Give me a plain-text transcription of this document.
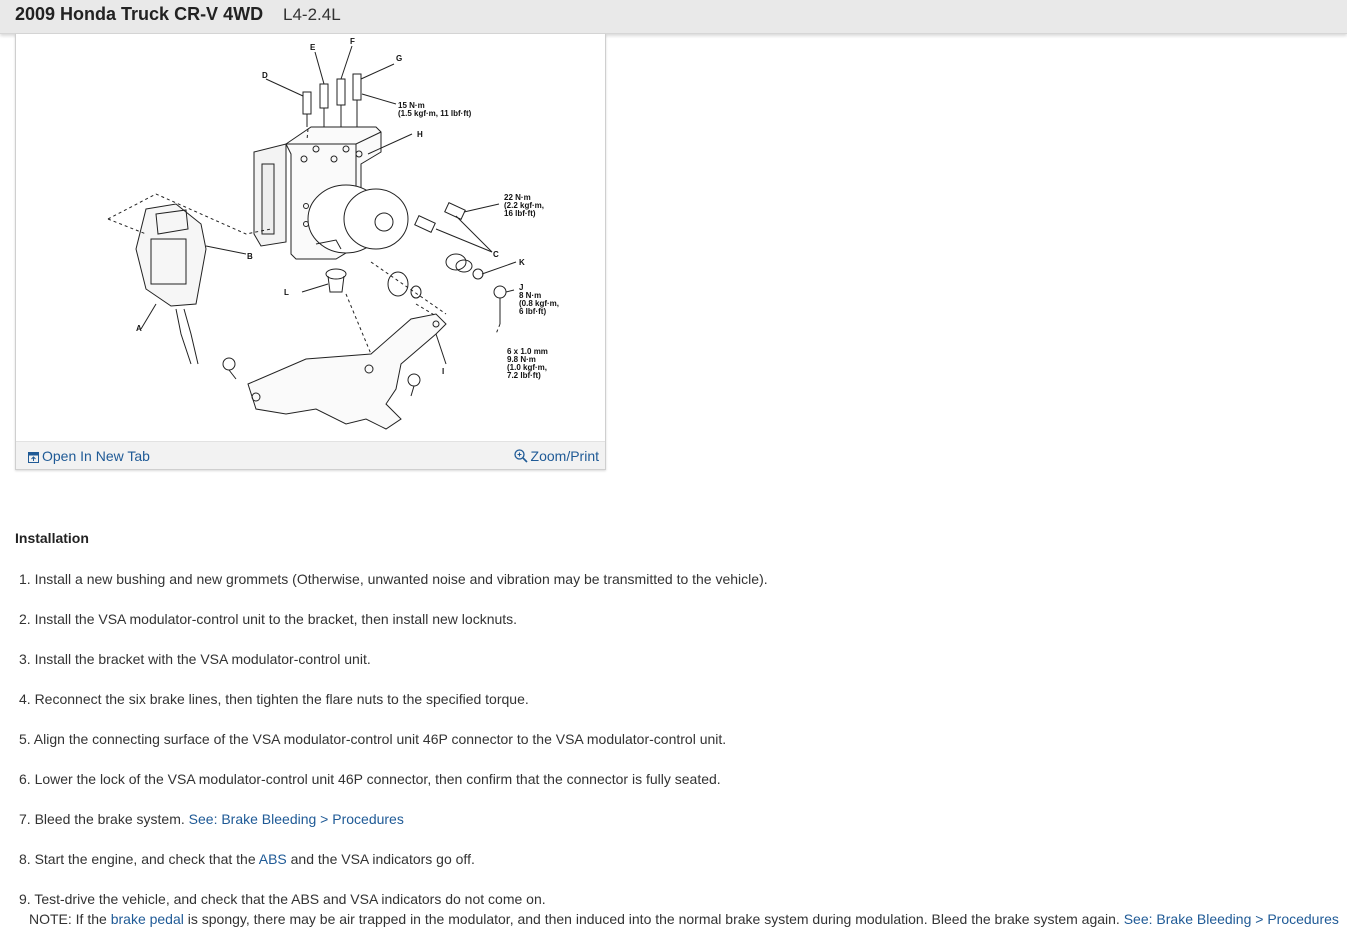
2009 Honda Truck CR-V 4WD L4-2.4L
E
F
G
D
H
C
K
J
B
A
L
I
15 N·m
(1.5 kgf·m, 11 lbf·ft)
22 N·m
(2.2 kgf·m,
16 lbf·ft)
8 N·m
(0.8 kgf·m,
6 lbf·ft)
6 x 1.0 mm
9.8 N·m
(1.0 kgf·m,
7.2 lbf·ft)
Open In New Tab	Zoom/Print
Installation
1. Install a new bushing and new grommets (Otherwise, unwanted noise and vibration may be transmitted to the vehicle).
2. Install the VSA modulator-control unit to the bracket, then install new locknuts.
3. Install the bracket with the VSA modulator-control unit.
4. Reconnect the six brake lines, then tighten the flare nuts to the specified torque.
5. Align the connecting surface of the VSA modulator-control unit 46P connector to the VSA modulator-control unit.
6. Lower the lock of the VSA modulator-control unit 46P connector, then confirm that the connector is fully seated.
7. Bleed the brake system. See: Brake Bleeding > Procedures
8. Start the engine, and check that the ABS and the VSA indicators go off.
9. Test-drive the vehicle, and check that the ABS and VSA indicators do not come on.
NOTE: If the brake pedal is spongy, there may be air trapped in the modulator, and then induced into the normal brake system during modulation. Bleed the brake system again. See: Brake Bleeding > Procedures
